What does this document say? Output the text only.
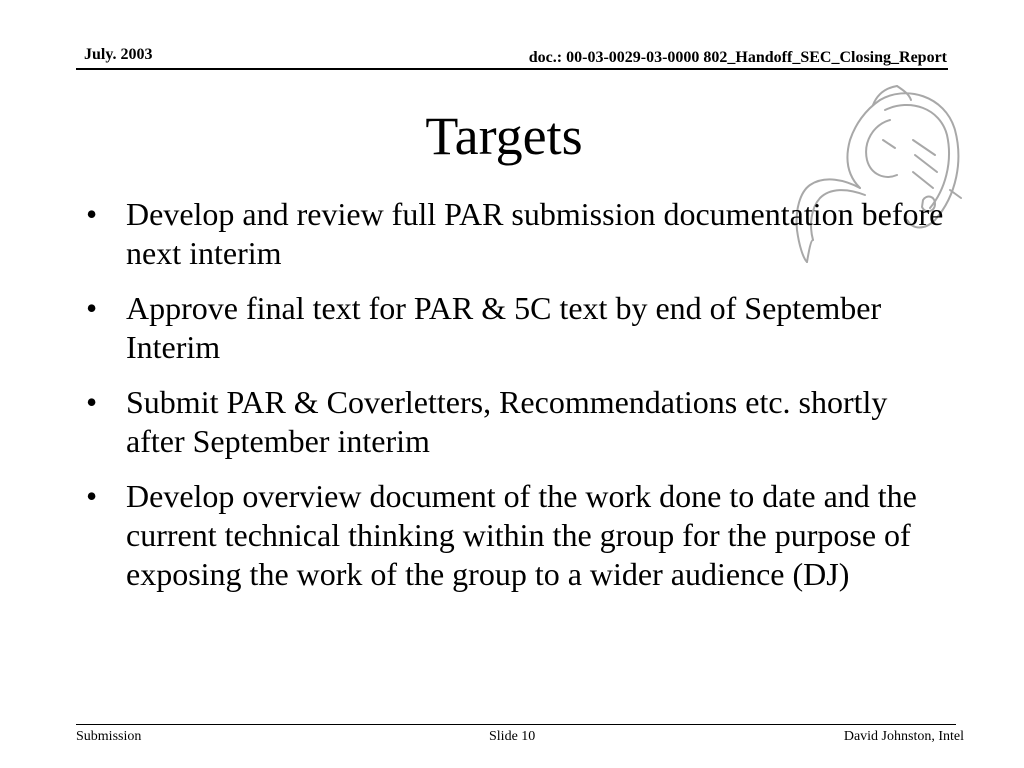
July. 2003	doc.: 00-03-0029-03-0000 802_Handoff_SEC_Closing_Report
Targets
• Develop and review full PAR submission documentation before next interim
• Approve final text for PAR & 5C text by end of September Interim
• Submit PAR & Coverletters, Recommendations etc. shortly after September interim
• Develop overview document of the work done to date and the current technical thinking within the group for the purpose of exposing the work of the group to a wider audience (DJ)
Submission	Slide 10	David Johnston, Intel
